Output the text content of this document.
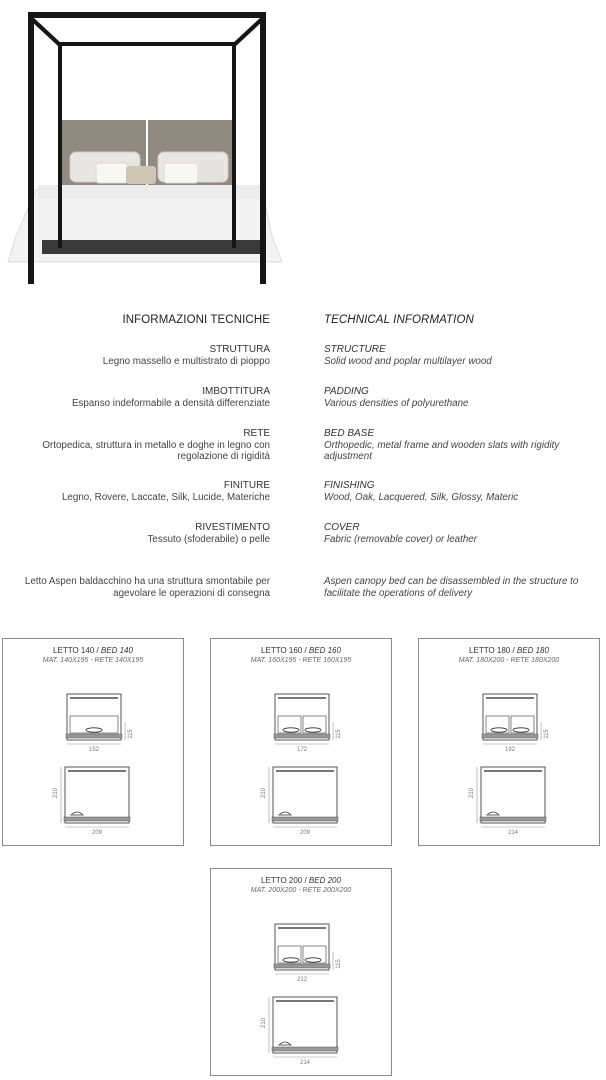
INFORMAZIONI TECNICHE
STRUTTURA
Legno massello e multistrato di pioppo
IMBOTTITURA
Espanso indeformabile a densità differenziate
RETE
Ortopedica, struttura in metallo e doghe in legno con
regolazione di rigidità
FINITURE
Legno, Rovere, Laccate, Silk, Lucide, Materiche
RIVESTIMENTO
Tessuto (sfoderabile) o pelle
Letto Aspen baldacchino ha una struttura smontabile per
agevolare le operazioni di consegna
TECHNICAL INFORMATION
STRUCTURE
Solid wood and poplar multilayer wood
PADDING
Various densities of polyurethane
BED BASE
Orthopedic, metal frame and wooden slats with rigidity
adjustment
FINISHING
Wood, Oak, Lacquered, Silk, Glossy, Materic
COVER
Fabric (removable cover) or leather
Aspen canopy bed can be disassembled in the structure to
facilitate the operations of delivery
LETTO 140 / BED 140
MAT. 140X195 - RETE 140X195
152
115
210
209
LETTO 160 / BED 160
MAT. 160X195 - RETE 160X195
172
115
210
209
LETTO 180 / BED 180
MAT. 180X200 - RETE 180X200
192
115
210
214
LETTO 200 / BED 200
MAT. 200X200 - RETE 200X200
212
115
210
214
